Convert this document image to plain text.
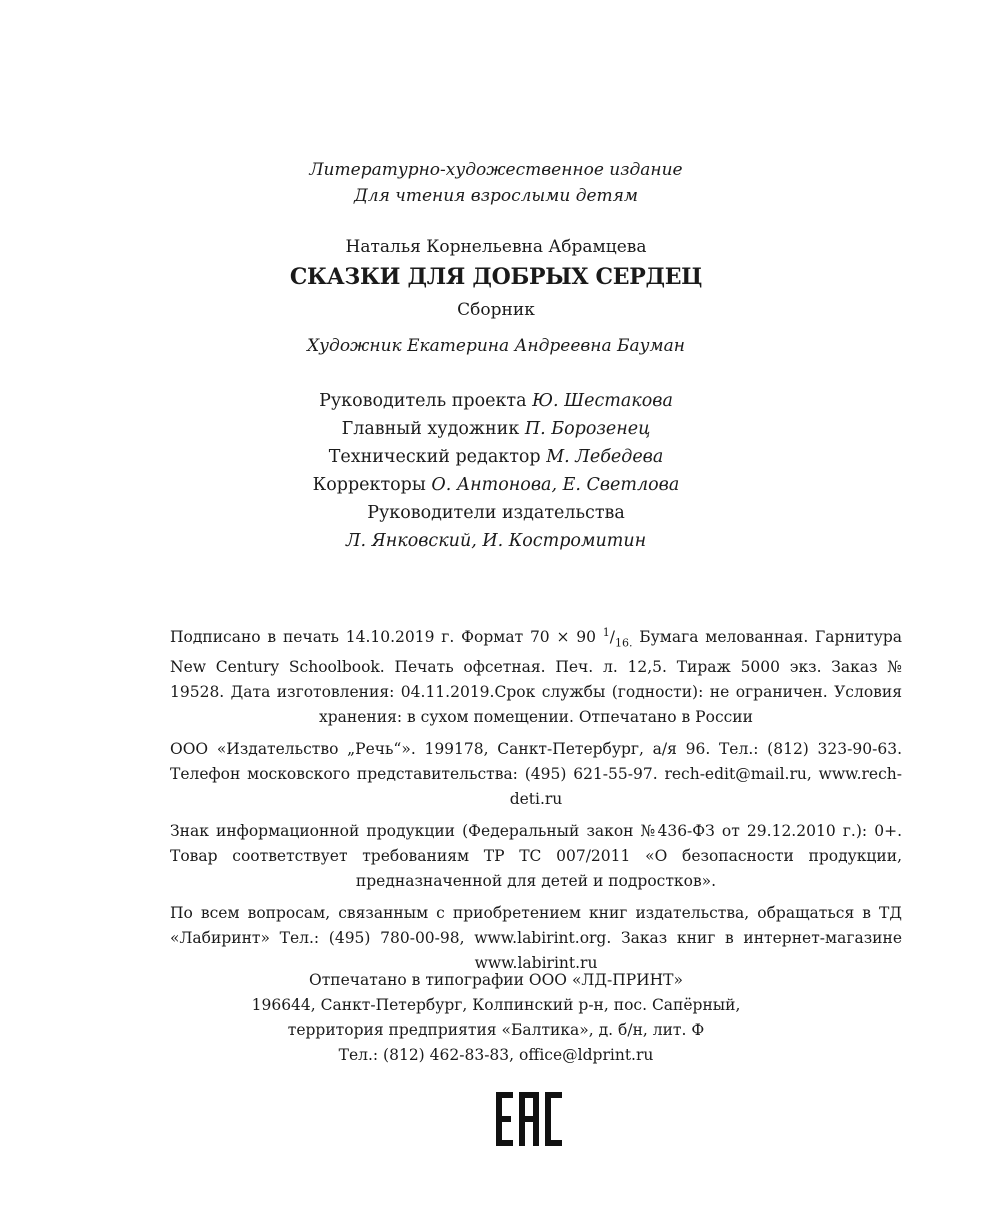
Литературно-художественное издание
Для чтения взрослыми детям
Наталья Корнельевна Абрамцева
СКАЗКИ ДЛЯ ДОБРЫХ СЕРДЕЦ
Сборник
Художник Екатерина Андреевна Бауман
Руководитель проекта Ю. Шестакова
Главный художник П. Борозенец
Технический редактор М. Лебедева
Корректоры О. Антонова, Е. Светлова
Руководители издательства
Л. Янковский, И. Костромитин

Подписано в печать 14.10.2019 г. Формат 70 × 90 $^1/_{16.}$ Бумага мелованная. Гарнитура New Century Schoolbook. Печать офсетная. Печ. л. 12,5. Тираж 5000 экз. Заказ № 19528. Дата изготовления: 04.11.2019.Срок службы (годности): не ограничен. Условия хранения: в сухом помещении. Отпечатано в России

ООО «Издательство „Речь“». 199178, Санкт-Петербург, а/я 96. Тел.: (812) 323-90-63. Телефон московского представительства: (495) 621-55-97. rech-edit@mail.ru, www.rech-deti.ru

Знак информационной продукции (Федеральный закон №436-ФЗ от 29.12.2010 г.): 0+. Товар соответствует требованиям ТР ТС 007/2011 «О безопасности продукции, предназначенной для детей и подростков».

По всем вопросам, связанным с приобретением книг издательства, обращаться в ТД «Лабиринт» Тел.: (495) 780-00-98, www.labirint.org. Заказ книг в интернет-магазине www.labirint.ru

Отпечатано в типографии ООО «ЛД-ПРИНТ»
196644, Санкт-Петербург, Колпинский р-н, пос. Сапёрный,
территория предприятия «Балтика», д. б/н, лит. Ф
Тел.: (812) 462-83-83, office@ldprint.ru
